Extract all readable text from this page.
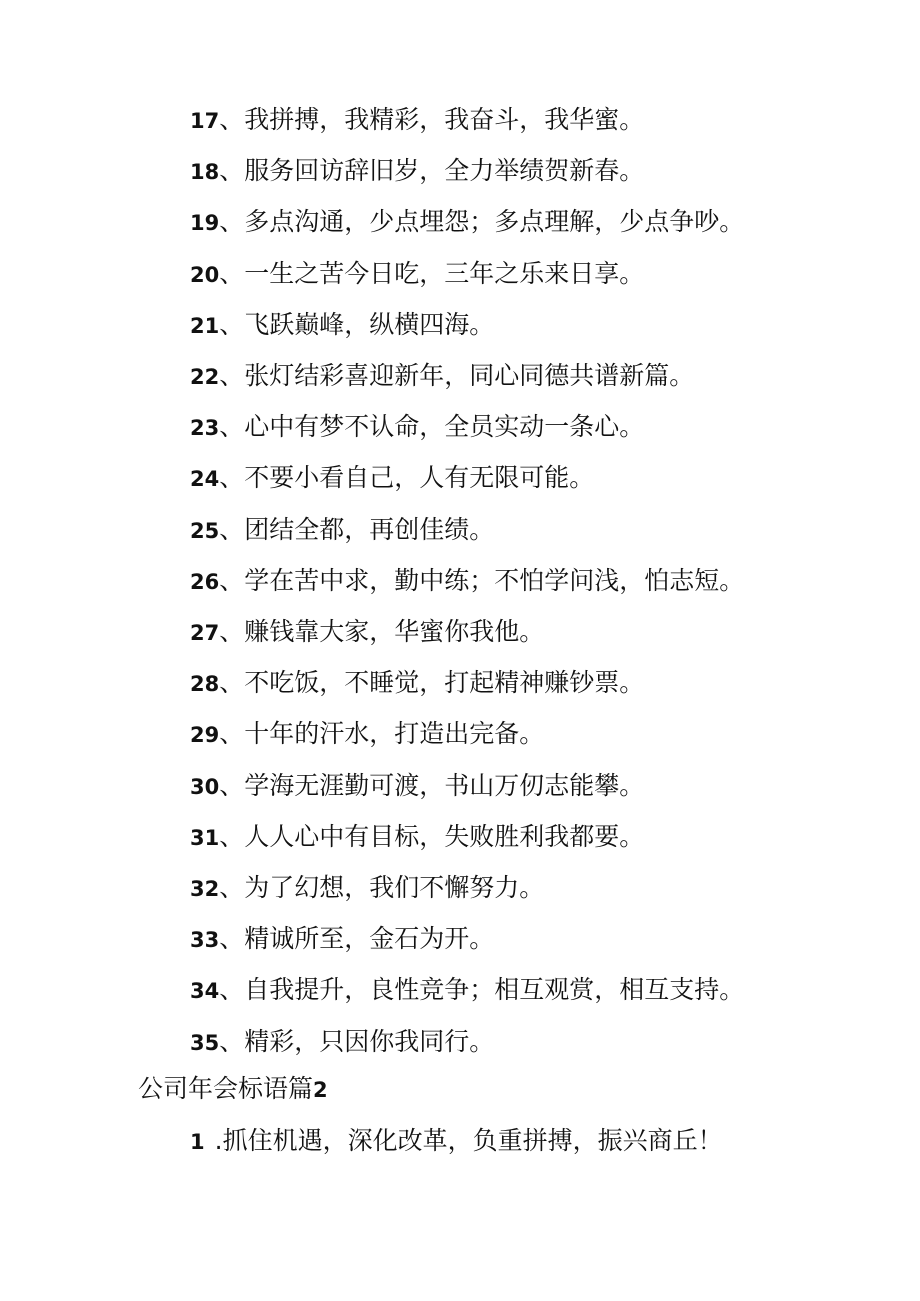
17、我拼搏，我精彩，我奋斗，我华蜜。
18、服务回访辞旧岁，全力举绩贺新春。
19、多点沟通，少点埋怨；多点理解，少点争吵。
20、一生之苦今日吃，三年之乐来日享。
21、飞跃巅峰，纵横四海。
22、张灯结彩喜迎新年，同心同德共谱新篇。
23、心中有梦不认命，全员实动一条心。
24、不要小看自己，人有无限可能。
25、团结全都，再创佳绩。
26、学在苦中求，勤中练；不怕学问浅，怕志短。
27、赚钱靠大家，华蜜你我他。
28、不吃饭，不睡觉，打起精神赚钞票。
29、十年的汗水，打造出完备。
30、学海无涯勤可渡，书山万仞志能攀。
31、人人心中有目标，失败胜利我都要。
32、为了幻想，我们不懈努力。
33、精诚所至，金石为开。
34、自我提升，良性竞争；相互观赏，相互支持。
35、精彩，只因你我同行。
公司年会标语篇2
1 .抓住机遇，深化改革，负重拼搏，振兴商丘！
